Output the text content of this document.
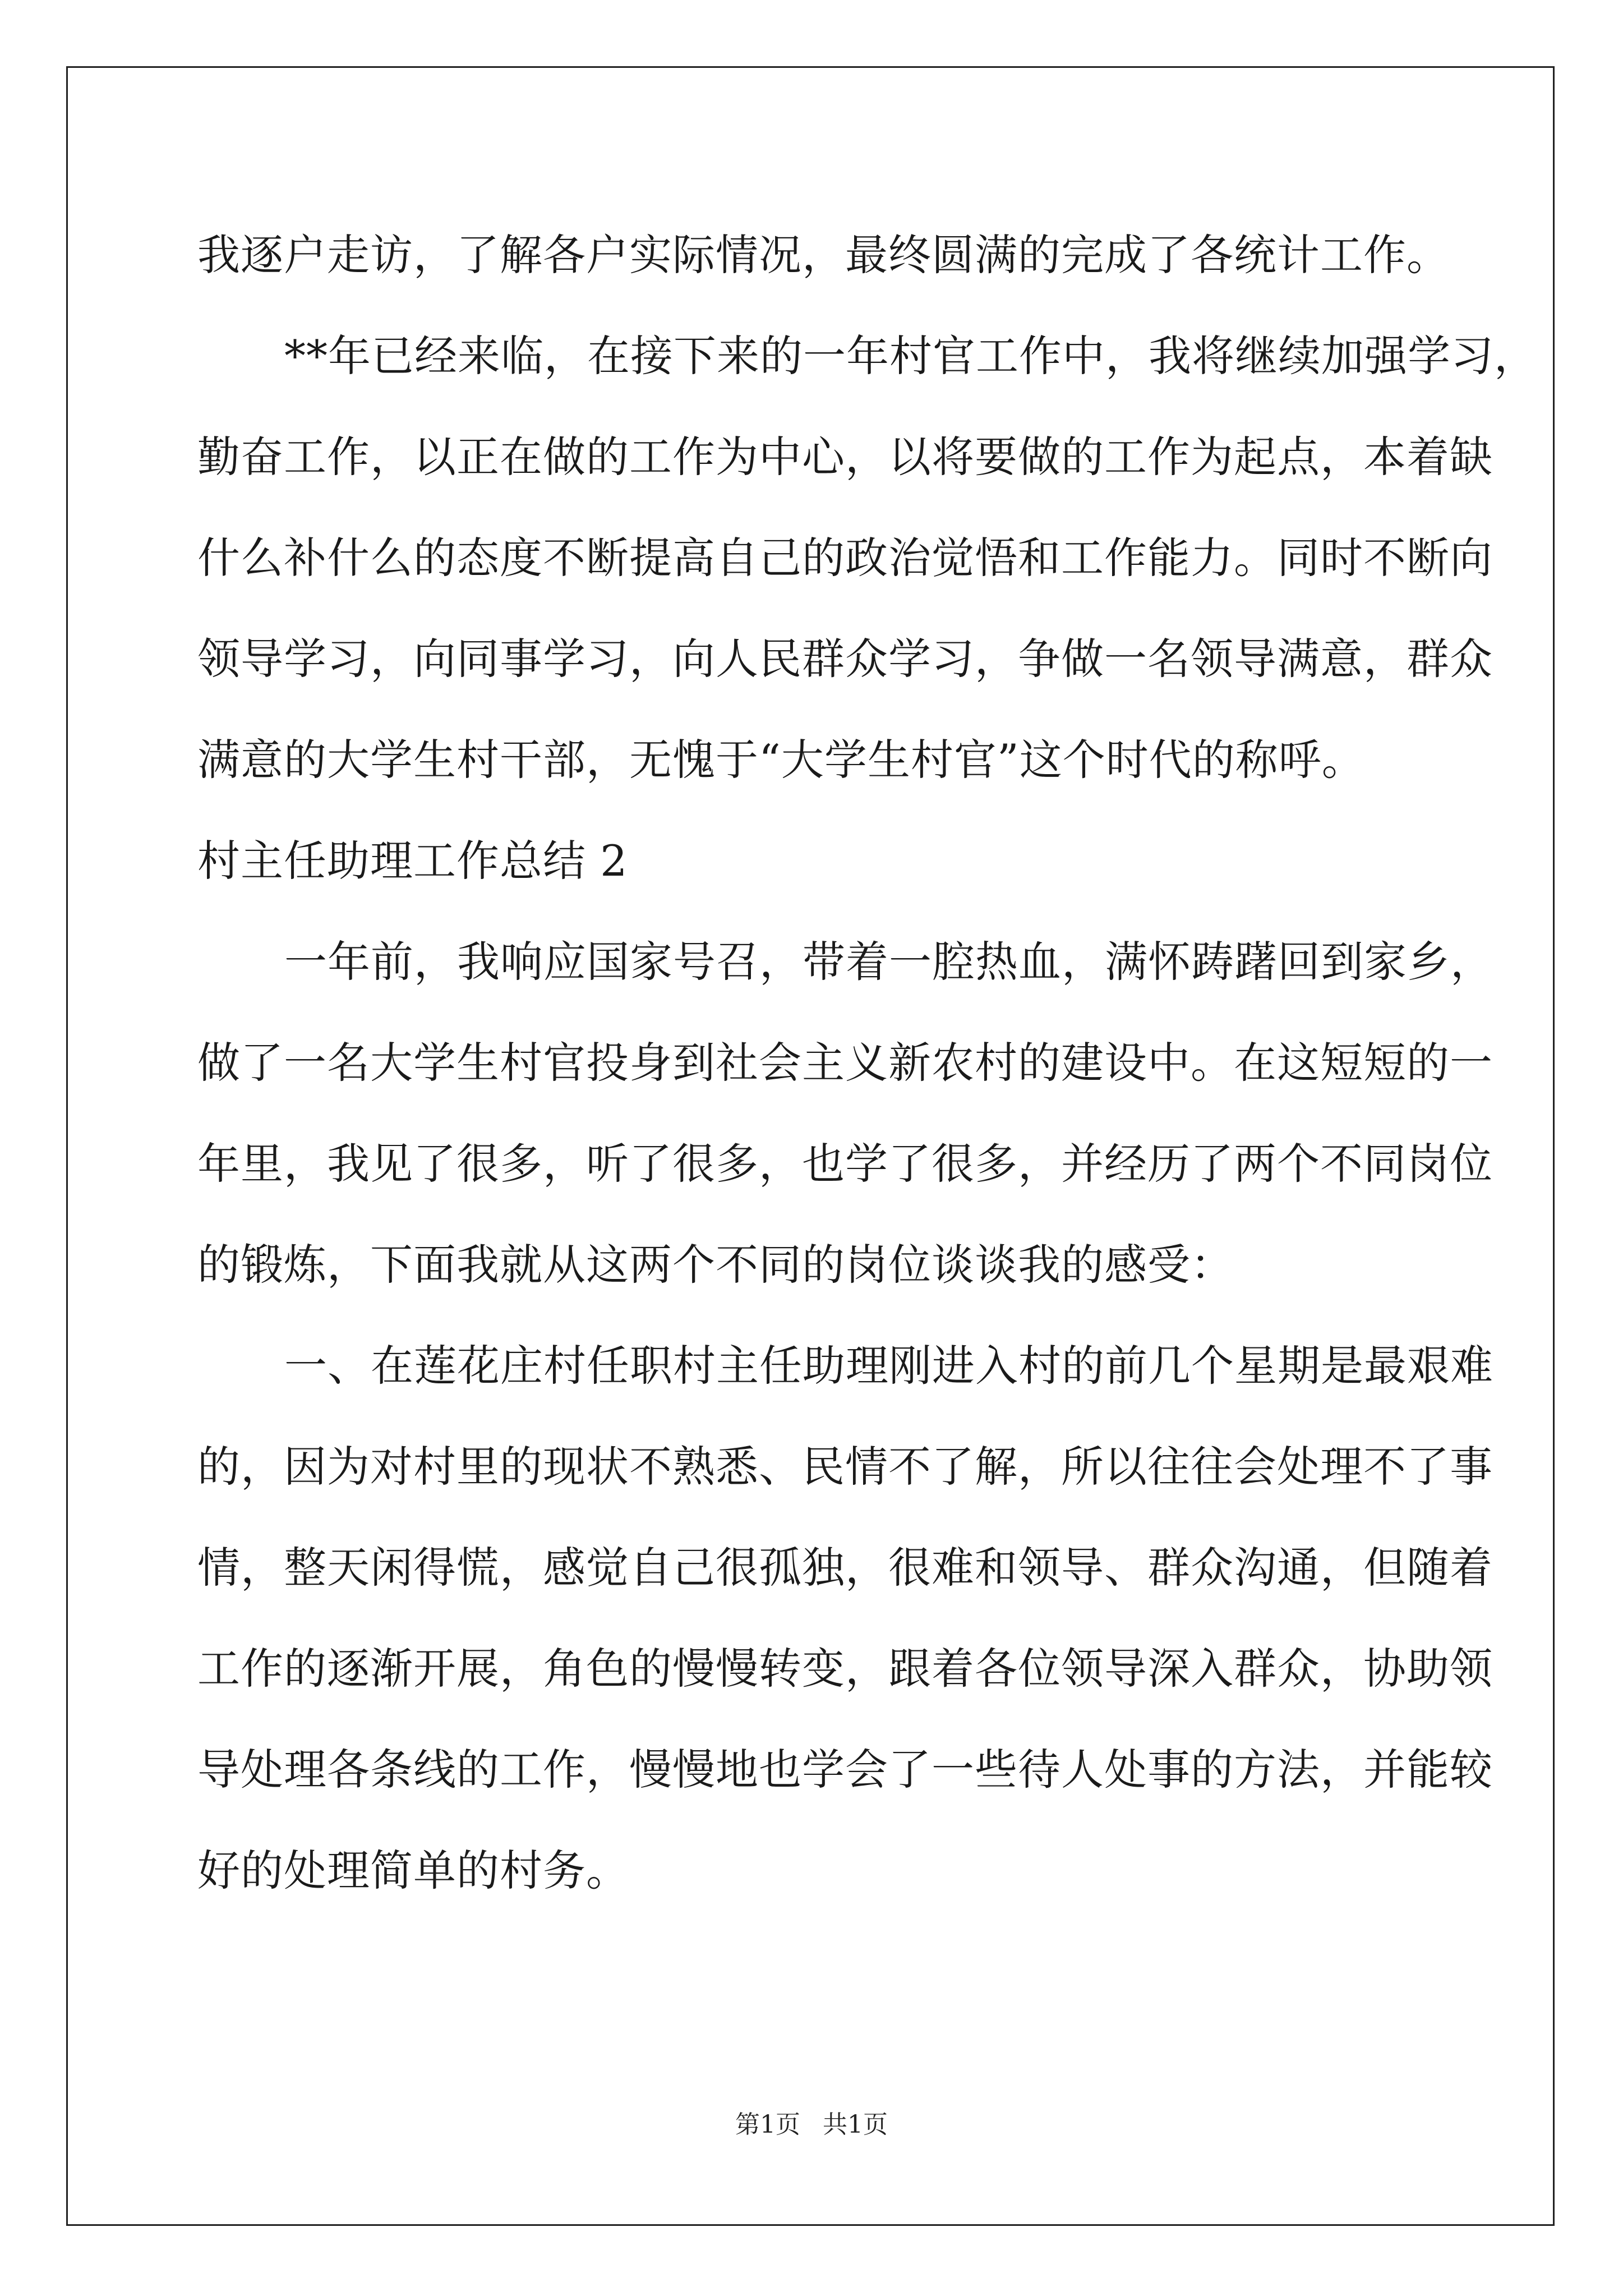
我逐户走访，了解各户实际情况，最终圆满的完成了各统计工作。
**年已经来临，在接下来的一年村官工作中，我将继续加强学习，
勤奋工作，以正在做的工作为中心，以将要做的工作为起点，本着缺
什么补什么的态度不断提高自己的政治觉悟和工作能力。同时不断向
领导学习，向同事学习，向人民群众学习，争做一名领导满意，群众
满意的大学生村干部，无愧于“大学生村官”这个时代的称呼。
村主任助理工作总结 2
一年前，我响应国家号召，带着一腔热血，满怀踌躇回到家乡，
做了一名大学生村官投身到社会主义新农村的建设中。在这短短的一
年里，我见了很多，听了很多，也学了很多，并经历了两个不同岗位
的锻炼，下面我就从这两个不同的岗位谈谈我的感受：
一、在莲花庄村任职村主任助理刚进入村的前几个星期是最艰难
的，因为对村里的现状不熟悉、民情不了解，所以往往会处理不了事
情，整天闲得慌，感觉自己很孤独，很难和领导、群众沟通，但随着
工作的逐渐开展，角色的慢慢转变，跟着各位领导深入群众，协助领
导处理各条线的工作，慢慢地也学会了一些待人处事的方法，并能较
好的处理简单的村务。
第1页 共1页
